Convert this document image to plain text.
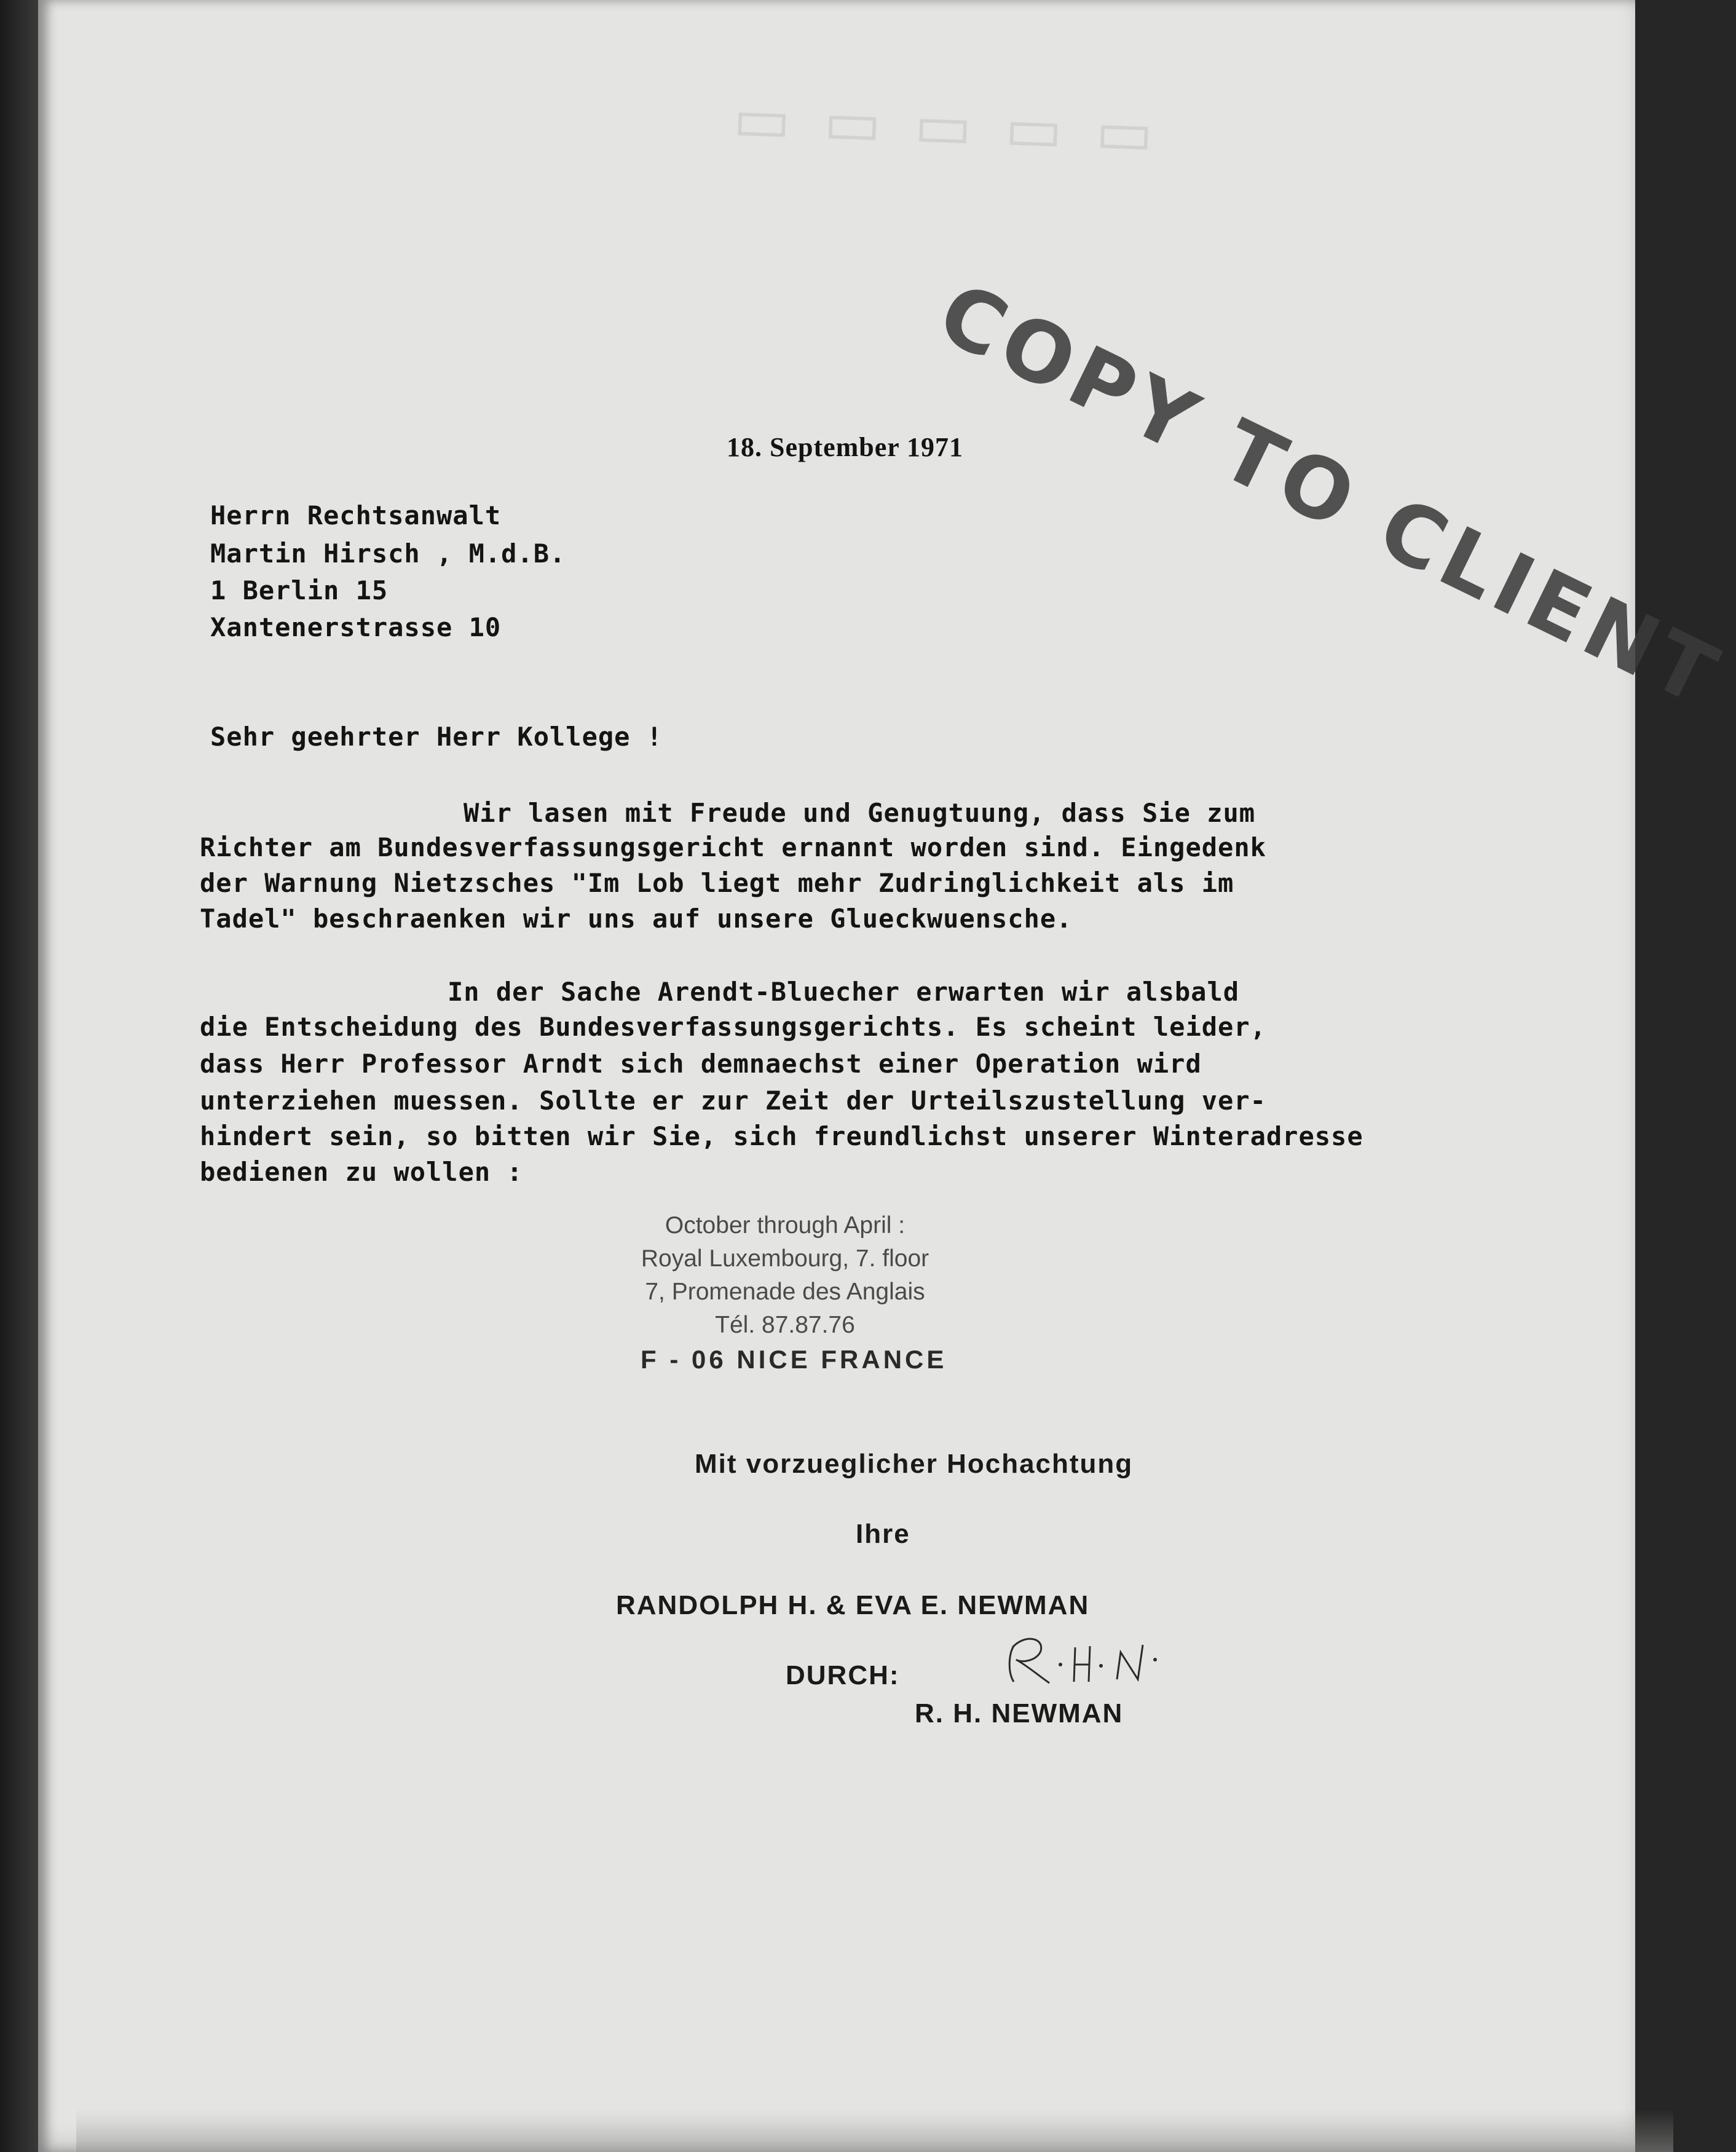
▭ ▭ ▭ ▭ ▭
COPY TO CLIENT
18. September 1971
Herrn Rechtsanwalt
Martin Hirsch , M.d.B.
1 Berlin 15
Xantenerstrasse 10
Sehr geehrter Herr Kollege !
Wir lasen mit Freude und Genugtuung, dass Sie zum
Richter am Bundesverfassungsgericht ernannt worden sind. Eingedenk
der Warnung Nietzsches "Im Lob liegt mehr Zudringlichkeit als im
Tadel" beschraenken wir uns auf unsere Glueckwuensche.
In der Sache Arendt-Bluecher erwarten wir alsbald
die Entscheidung des Bundesverfassungsgerichts. Es scheint leider,
dass Herr Professor Arndt sich demnaechst einer Operation wird
unterziehen muessen. Sollte er zur Zeit der Urteilszustellung ver-
hindert sein, so bitten wir Sie, sich freundlichst unserer Winteradresse
bedienen zu wollen :
October through April :
Royal Luxembourg, 7. floor
7, Promenade des Anglais
Tél. 87.87.76
F - 06 NICE FRANCE
Mit vorzueglicher Hochachtung
Ihre
RANDOLPH H. & EVA E. NEWMAN
DURCH:
R. H. NEWMAN
